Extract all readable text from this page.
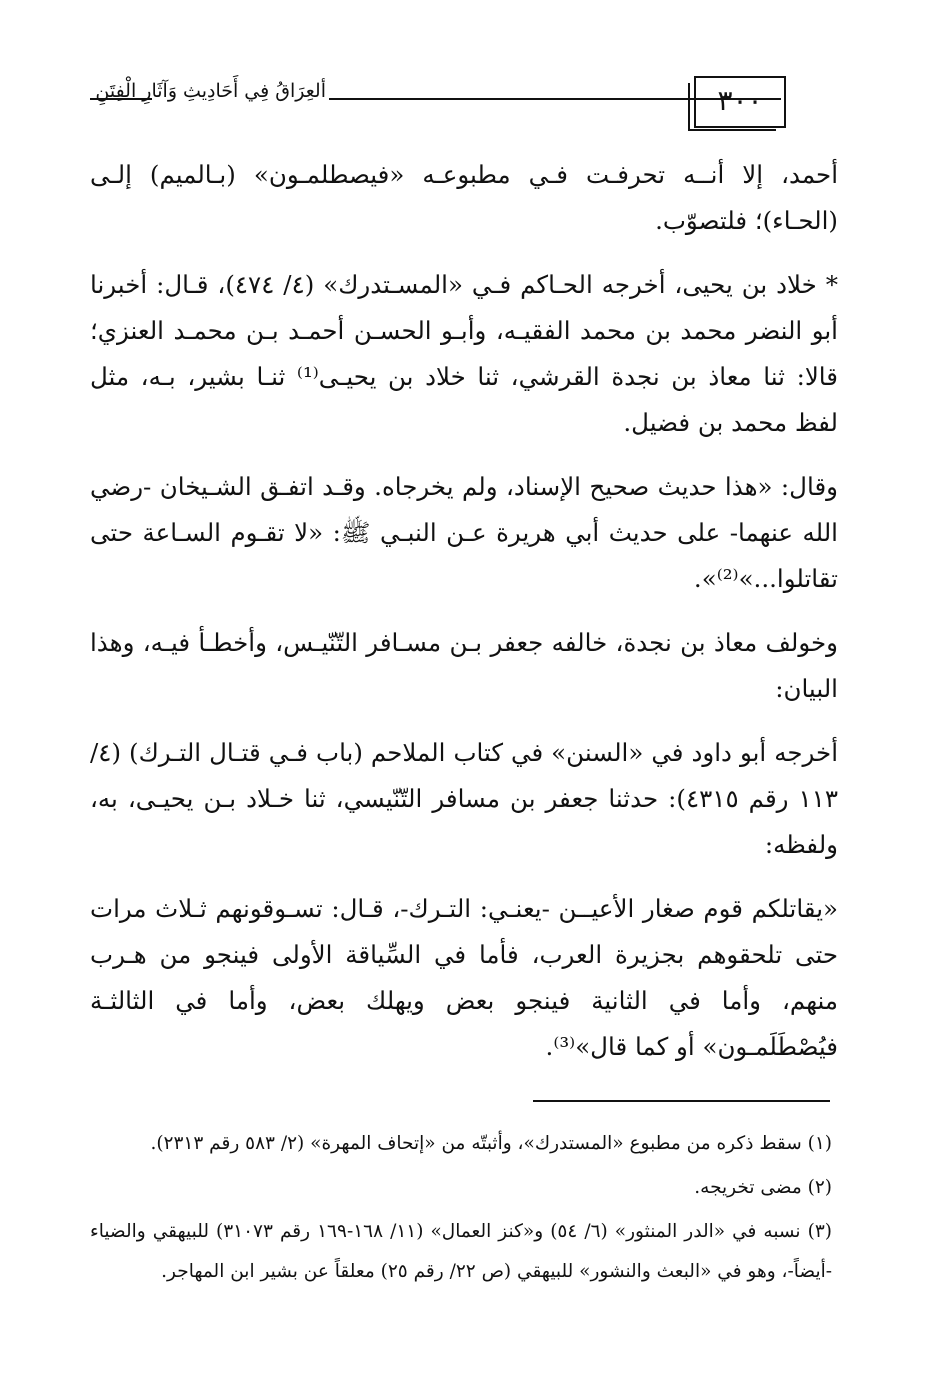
ألعِرَاقُ فِي أَحَادِيثِ وَآثَارِ الْفِتَنِ	٣٠٠

أحمد، إلا أنــه تحرفـت فـي مطبوعـه «فيصطلمـون» (بـالميم) إلـى (الحـاء)؛ فلتصوّب.

* خلاد بن يحيى، أخرجه الحـاكم فـي «المسـتدرك» (٤/ ٤٧٤)، قـال: أخبرنا أبو النضر محمد بن محمد الفقيـه، وأبـو الحسـن أحمـد بـن محمـد العنزي؛ قالا: ثنا معاذ بن نجدة القرشي، ثنا خلاد بن يحيـى⁽¹⁾ ثنـا بشير، بـه، مثل لفظ محمد بن فضيل.

وقال: «هذا حديث صحيح الإسناد، ولم يخرجاه. وقـد اتفـق الشـيخان -رضي الله عنهما- على حديث أبي هريرة عـن النبـي ﷺ: «لا تقـوم السـاعة حتى تقاتلوا...»⁽²⁾».

وخولف معاذ بن نجدة، خالفه جعفر بـن مسـافر التّنّيـس، وأخطـأ فيـه، وهذا البيان:

أخرجه أبو داود في «السنن» في كتاب الملاحم (باب فـي قتـال التـرك) (٤/ ١١٣ رقم ٤٣١٥): حدثنا جعفر بن مسافر التّنّيسي، ثنا خـلاد بـن يحيـى، به، ولفظه:

«يقاتلكم قوم صغار الأعيــن -يعنـي: التـرك-، قـال: تسـوقونهم ثـلاث مرات حتى تلحقوهم بجزيرة العرب، فأما في السِّياقة الأولى فينجو من هـرب منهم، وأما في الثانية فينجو بعض ويهلك بعض، وأما في الثالثـة فيُصْطَلَمـون» أو كما قال»⁽³⁾.

(١) سقط ذكره من مطبوع «المستدرك»، وأثبتّه من «إتحاف المهرة» (٢/ ٥٨٣ رقم ٢٣١٣).

(٢) مضى تخريجه.

(٣) نسبه في «الدر المنثور» (٦/ ٥٤) و«كنز العمال» (١١/ ١٦٨-١٦٩ رقم ٣١٠٧٣) للبيهقي والضياء -أيضاً-، وهو في «البعث والنشور» للبيهقي (ص ٢٢/ رقم ٢٥) معلقاً عن بشير ابن المهاجر.
